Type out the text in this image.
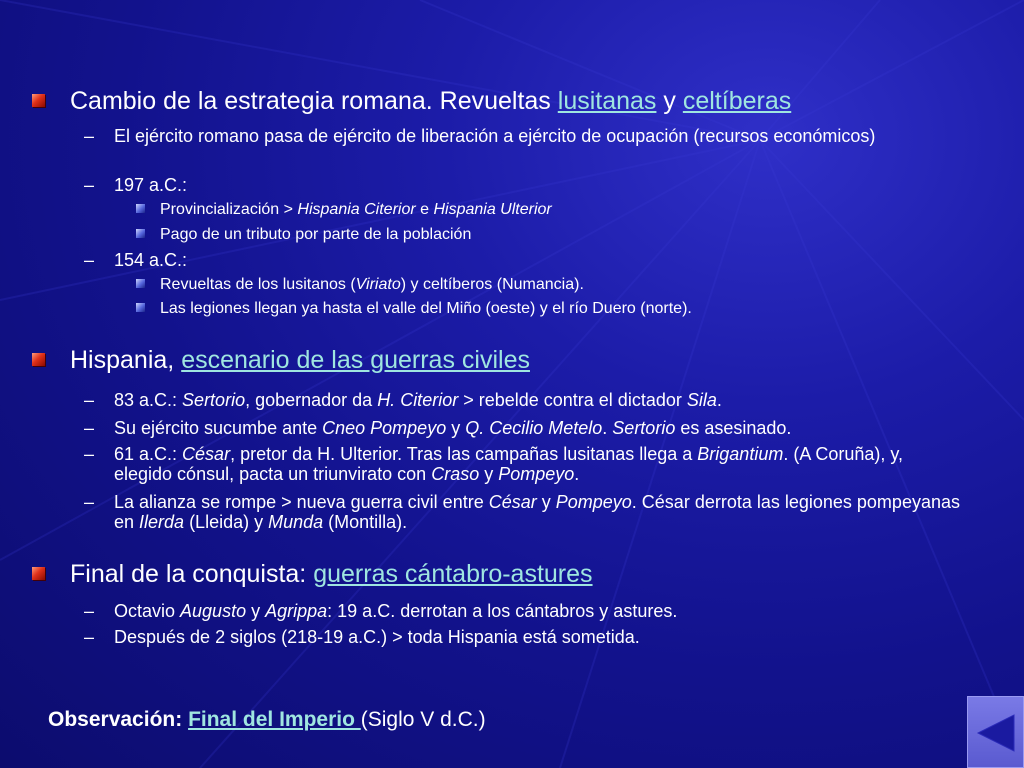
Cambio de la estrategia romana. Revueltas lusitanas y celtíberas
– El ejército romano pasa de ejército de liberación a ejército de ocupación (recursos económicos)
– 197 a.C.:
Provincialización > Hispania Citerior e Hispania Ulterior
Pago de un tributo por parte de la población
– 154 a.C.:
Revueltas de los lusitanos (Viriato) y celtíberos (Numancia).
Las legiones llegan ya hasta el valle del Miño (oeste) y el río Duero (norte).
Hispania, escenario de las guerras civiles
– 83 a.C.: Sertorio, gobernador da H. Citerior > rebelde contra el dictador Sila.
– Su ejército sucumbe ante Cneo Pompeyo y Q. Cecilio Metelo. Sertorio es asesinado.
– 61 a.C.: César, pretor da H. Ulterior. Tras las campañas lusitanas llega a Brigantium. (A Coruña), y, elegido cónsul, pacta un triunvirato con Craso y Pompeyo.
– La alianza se rompe > nueva guerra civil entre César y Pompeyo. César derrota las legiones pompeyanas en Ilerda (Lleida) y Munda (Montilla).
Final de la conquista: guerras cántabro-astures
– Octavio Augusto y Agrippa: 19 a.C. derrotan a los cántabros y astures.
– Después de 2 siglos (218-19 a.C.) > toda Hispania está sometida.
Observación: Final del Imperio (Siglo V d.C.)
